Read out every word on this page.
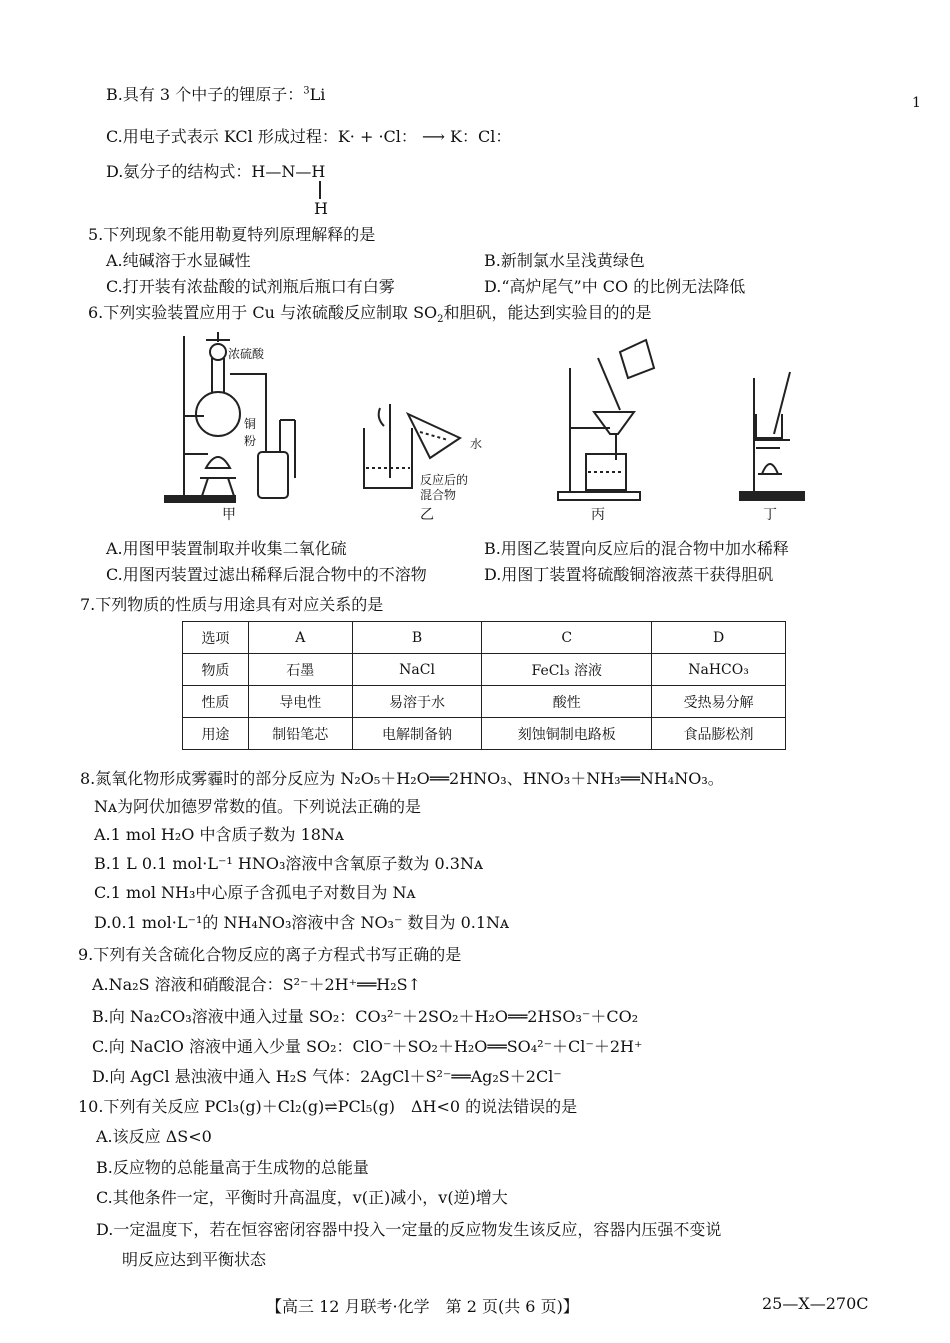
1
B.具有 3 个中子的锂原子：$^3$Li
C.用电子式表示 KCl 形成过程：K· + ·Cl： ⟶ K：Cl：
D.氨分子的结构式：H—N—H
H
5.下列现象不能用勒夏特列原理解释的是
A.纯碱溶于水显碱性	B.新制氯水呈浅黄绿色
C.打开装有浓盐酸的试剂瓶后瓶口有白雾	D.“高炉尾气”中 CO 的比例无法降低
6.下列实验装置应用于 Cu 与浓硫酸反应制取 $SO_2$和胆矾，能达到实验目的的是
浓硫酸
铜
粉	水
反应后的
混合物
甲	乙	丙	丁
A.用图甲装置制取并收集二氧化硫	B.用图乙装置向反应后的混合物中加水稀释
C.用图丙装置过滤出稀释后混合物中的不溶物	D.用图丁装置将硫酸铜溶液蒸干获得胆矾
7.下列物质的性质与用途具有对应关系的是
选项	A	B	C	D
物质	石墨	NaCl	FeCl₃ 溶液	NaHCO₃
性质	导电性	易溶于水	酸性	受热易分解
用途	制铅笔芯	电解制备钠	刻蚀铜制电路板	食品膨松剂
8.氮氧化物形成雾霾时的部分反应为 N₂O₅＋H₂O══2HNO₃、HNO₃＋NH₃══NH₄NO₃。
Nᴀ为阿伏加德罗常数的值。下列说法正确的是
A.1 mol H₂O 中含质子数为 18Nᴀ
B.1 L 0.1 mol·L⁻¹ HNO₃溶液中含氧原子数为 0.3Nᴀ
C.1 mol NH₃中心原子含孤电子对数目为 Nᴀ
D.0.1 mol·L⁻¹的 NH₄NO₃溶液中含 NO₃⁻ 数目为 0.1Nᴀ
9.下列有关含硫化合物反应的离子方程式书写正确的是
A.Na₂S 溶液和硝酸混合：S²⁻＋2H⁺══H₂S↑
B.向 Na₂CO₃溶液中通入过量 SO₂：CO₃²⁻＋2SO₂＋H₂O══2HSO₃⁻＋CO₂
C.向 NaClO 溶液中通入少量 SO₂：ClO⁻＋SO₂＋H₂O══SO₄²⁻＋Cl⁻＋2H⁺
D.向 AgCl 悬浊液中通入 H₂S 气体：2AgCl＋S²⁻══Ag₂S＋2Cl⁻
10.下列有关反应 PCl₃(g)＋Cl₂(g)⇌PCl₅(g)　ΔH<0 的说法错误的是
A.该反应 ΔS<0
B.反应物的总能量高于生成物的总能量
C.其他条件一定，平衡时升高温度，v(正)减小，v(逆)增大
D.一定温度下，若在恒容密闭容器中投入一定量的反应物发生该反应，容器内压强不变说
明反应达到平衡状态
【高三 12 月联考·化学　第 2 页(共 6 页)】	25—X—270C
